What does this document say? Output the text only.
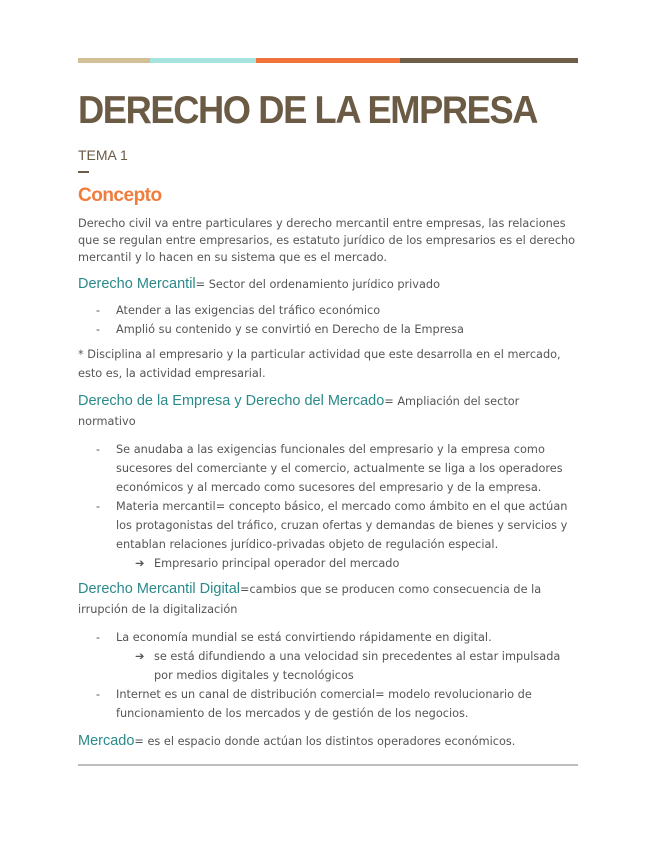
DERECHO DE LA EMPRESA
TEMA 1
Concepto

Derecho civil va entre particulares y derecho mercantil entre empresas, las relaciones que se regulan entre empresarios, es estatuto jurídico de los empresarios es el derecho mercantil y lo hacen en su sistema que es el mercado.

Derecho Mercantil= Sector del ordenamiento jurídico privado
- Atender a las exigencias del tráfico económico
- Amplió su contenido y se convirtió en Derecho de la Empresa

* Disciplina al empresario y la particular actividad que este desarrolla en el mercado, esto es, la actividad empresarial.

Derecho de la Empresa y Derecho del Mercado= Ampliación del sector normativo
- Se anudaba a las exigencias funcionales del empresario y la empresa como sucesores del comerciante y el comercio, actualmente se liga a los operadores económicos y al mercado como sucesores del empresario y de la empresa.
- Materia mercantil= concepto básico, el mercado como ámbito en el que actúan los protagonistas del tráfico, cruzan ofertas y demandas de bienes y servicios y entablan relaciones jurídico-privadas objeto de regulación especial.
➔ Empresario principal operador del mercado
Derecho Mercantil Digital=cambios que se producen como consecuencia de la irrupción de la digitalización
- La economía mundial se está convirtiendo rápidamente en digital.
➔ se está difundiendo a una velocidad sin precedentes al estar impulsada por medios digitales y tecnológicos
- Internet es un canal de distribución comercial= modelo revolucionario de funcionamiento de los mercados y de gestión de los negocios.
Mercado= es el espacio donde actúan los distintos operadores económicos.
